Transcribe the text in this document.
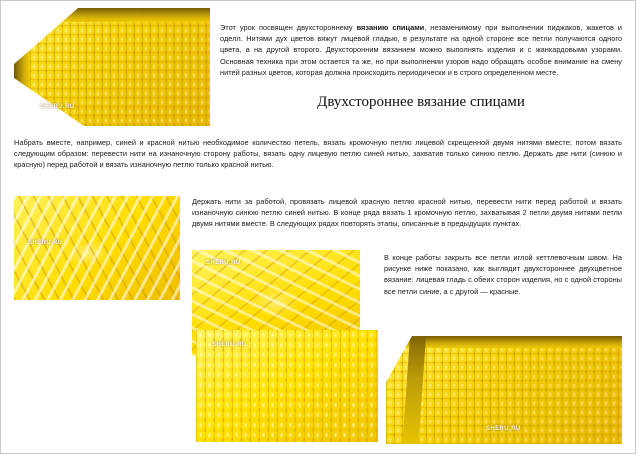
SHERU.RU
Этот урок посвящен двухстороннему вязанию спицами, незаменимому при выполнении пиджаков, жакетов и оделл. Нитями дух цветов вяжут лицевой гладью, в результате на одной стороне все петли получаются одного цвета, а на другой второго. Двухсторонним вязанием можно выполнять изделия и с жанкардовыми узорами. Основная техника при этом остается та же, но при выполнении узоров надо обращать особое внимание на смену нитей разных цветов, которая должна происходить периодически и в строго определенном месте.
Двухстороннее вязание спицами
Набрать вместе, например, синей и красной нитью необходимое количество петель, вязать кромочную петлю лицевой скрещенной двумя нитями вместе; потом вязать следующим образом: перевести нити на изнаночную сторону работы, вязать одну лицевую петлю синей нитью, захватив только синюю петлю. Держать две нити (синюю и красную) перед работой и вязать изнаночную петлю только красной нитью.
SHERU.RU
Держать нити за работой, провязать лицевой красную петлю красной нитью, перевести нити перед работой и вязать изнаночную синюю петлю синей нитью. В конце ряда вязать 1 кромочную петлю, захватывая 2 петли двумя нитями петли двумя нитями вместе. В следующих рядах повторять этапы, описанные в предыдущих пунктах.
SHERU.RU
В конце работы закрыть все петли иглой кеттлевочным швом. На рисунке ниже показано, как выглядит двухстороннее двухцветное вязание: лицевая гладь с обеих сторон изделия, но с одной стороны все петли синие, а с другой — красные.
SHERU.RU
SHERU.RU
